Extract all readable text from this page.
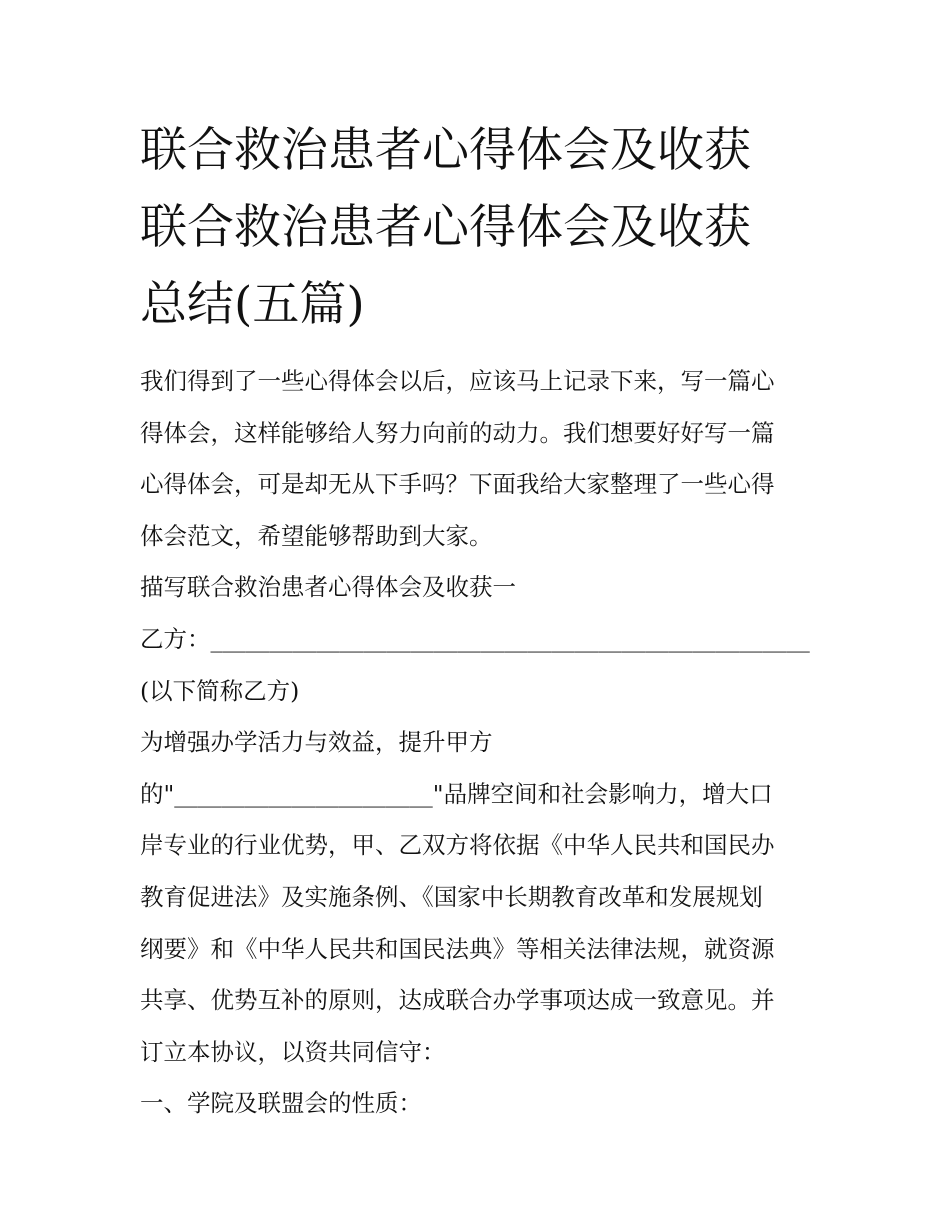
联合救治患者心得体会及收获
联合救治患者心得体会及收获
总结(五篇)
我们得到了一些心得体会以后，应该马上记录下来，写一篇心
得体会，这样能够给人努力向前的动力。我们想要好好写一篇
心得体会，可是却无从下手吗？下面我给大家整理了一些心得
体会范文，希望能够帮助到大家。
描写联合救治患者心得体会及收获一
乙方：___________________________________________________
(以下简称乙方)
为增强办学活力与效益，提升甲方
的"______________________"品牌空间和社会影响力，增大口
岸专业的行业优势，甲、乙双方将依据《中华人民共和国民办
教育促进法》及实施条例、《国家中长期教育改革和发展规划
纲要》和《中华人民共和国民法典》等相关法律法规，就资源
共享、优势互补的原则，达成联合办学事项达成一致意见。并
订立本协议，以资共同信守：
一、学院及联盟会的性质：
